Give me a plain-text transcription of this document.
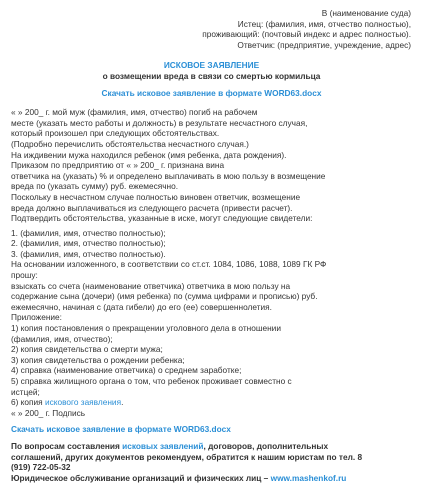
В (наименование суда)
Истец: (фамилия, имя, отчество полностью),
проживающий: (почтовый индекс и адрес полностью).
Ответчик: (предприятие, учреждение, адрес)
ИСКОВОЕ ЗАЯВЛЕНИЕ
о возмещении вреда в связи со смертью кормильца
Скачать исковое заявление в формате WORD63.docx
« » 200_ г. мой муж (фамилия, имя, отчество) погиб на рабочем
месте (указать место работы и должность) в результате несчастного случая,
который произошел при следующих обстоятельствах.
(Подробно перечислить обстоятельства несчастного случая.)
На иждивении мужа находился ребенок (имя ребенка, дата рождения).
Приказом по предприятию от « » 200_ г. признана вина
ответчика на (указать) % и определено выплачивать в мою пользу в возмещение
вреда по (указать сумму) руб. ежемесячно.
Поскольку в несчастном случае полностью виновен ответчик, возмещение
вреда должно выплачиваться из следующего расчета (привести расчет).
Подтвердить обстоятельства, указанные в иске, могут следующие свидетели:
1. (фамилия, имя, отчество полностью);
2. (фамилия, имя, отчество полностью);
3. (фамилия, имя, отчество полностью).
На основании изложенного, в соответствии со ст.ст. 1084, 1086, 1088, 1089 ГК РФ
прошу:
взыскать со счета (наименование ответчика) ответчика в мою пользу на
содержание сына (дочери) (имя ребенка) по (сумма цифрами и прописью) руб.
ежемесячно, начиная с (дата гибели) до его (ее) совершеннолетия.
Приложение:
1) копия постановления о прекращении уголовного дела в отношении
(фамилия, имя, отчество);
2) копия свидетельства о смерти мужа;
3) копия свидетельства о рождении ребенка;
4) справка (наименование ответчика) о среднем заработке;
5) справка жилищного органа о том, что ребенок проживает совместно с
истцей;
6) копия искового заявления.
« » 200_ г. Подпись
Скачать исковое заявление в формате WORD63.docx
По вопросам составления исковых заявлений, договоров, дополнительных
соглашений, других документов рекомендуем, обратится к нашим юристам по тел. 8
(919) 722-05-32
Юридическое обслуживание организаций и физических лиц – www.mashenkof.ru
